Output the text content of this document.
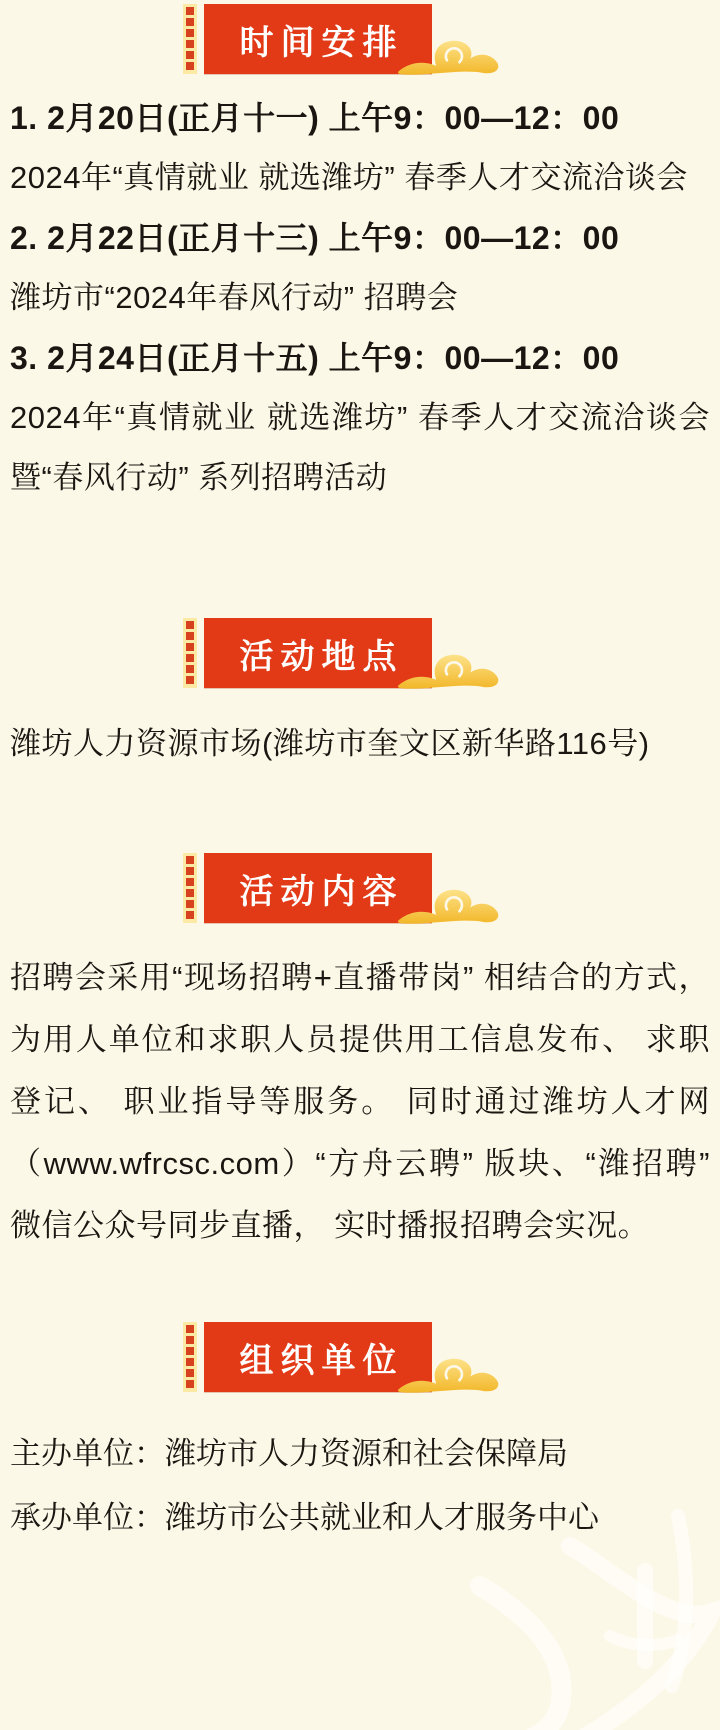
时间安排

1. 2月20日(正月十一) 上午9：00—12：00

2024年“真情就业 就选潍坊” 春季人才交流洽谈会

2. 2月22日(正月十三) 上午9：00—12：00

潍坊市“2024年春风行动” 招聘会

3. 2月24日(正月十五) 上午9：00—12：00

2024年“真情就业 就选潍坊” 春季人才交流洽谈会暨“春风行动” 系列招聘活动

活动地点

潍坊人力资源市场(潍坊市奎文区新华路116号)

活动内容

招聘会采用“现场招聘+直播带岗” 相结合的方式， 为用人单位和求职人员提供用工信息发布、 求职登记、 职业指导等服务。 同时通过潍坊人才网（www.wfrcsc.com）“方舟云聘” 版块、“潍招聘” 微信公众号同步直播， 实时播报招聘会实况。

组织单位

主办单位：潍坊市人力资源和社会保障局

承办单位：潍坊市公共就业和人才服务中心
